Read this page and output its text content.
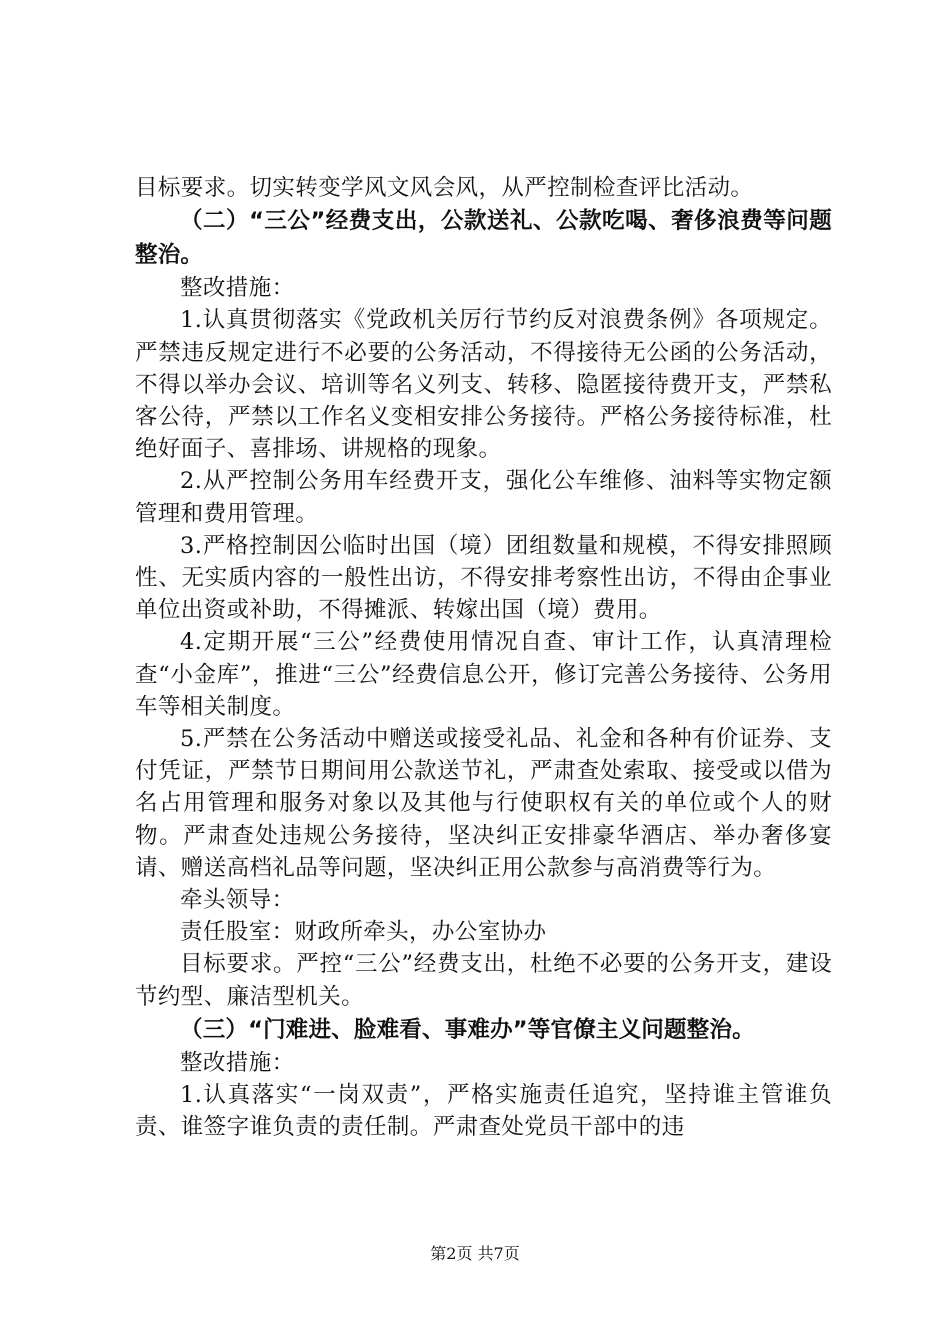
目标要求。切实转变学风文风会风，从严控制检查评比活动。

（二）“三公”经费支出，公款送礼、公款吃喝、奢侈浪费等问题整治。

整改措施：

1.认真贯彻落实《党政机关厉行节约反对浪费条例》各项规定。严禁违反规定进行不必要的公务活动，不得接待无公函的公务活动，不得以举办会议、培训等名义列支、转移、隐匿接待费开支，严禁私客公待，严禁以工作名义变相安排公务接待。严格公务接待标准，杜绝好面子、喜排场、讲规格的现象。

2.从严控制公务用车经费开支，强化公车维修、油料等实物定额管理和费用管理。

3.严格控制因公临时出国（境）团组数量和规模，不得安排照顾性、无实质内容的一般性出访，不得安排考察性出访，不得由企事业单位出资或补助，不得摊派、转嫁出国（境）费用。

4.定期开展“三公”经费使用情况自查、审计工作，认真清理检查“小金库”，推进“三公”经费信息公开，修订完善公务接待、公务用车等相关制度。

5.严禁在公务活动中赠送或接受礼品、礼金和各种有价证券、支付凭证，严禁节日期间用公款送节礼，严肃查处索取、接受或以借为名占用管理和服务对象以及其他与行使职权有关的单位或个人的财物。严肃查处违规公务接待，坚决纠正安排豪华酒店、举办奢侈宴请、赠送高档礼品等问题，坚决纠正用公款参与高消费等行为。

牵头领导：

责任股室：财政所牵头，办公室协办

目标要求。严控“三公”经费支出，杜绝不必要的公务开支，建设节约型、廉洁型机关。

（三）“门难进、脸难看、事难办”等官僚主义问题整治。

整改措施：

1.认真落实“一岗双责”，严格实施责任追究，坚持谁主管谁负责、谁签字谁负责的责任制。严肃查处党员干部中的违

第2页 共7页
